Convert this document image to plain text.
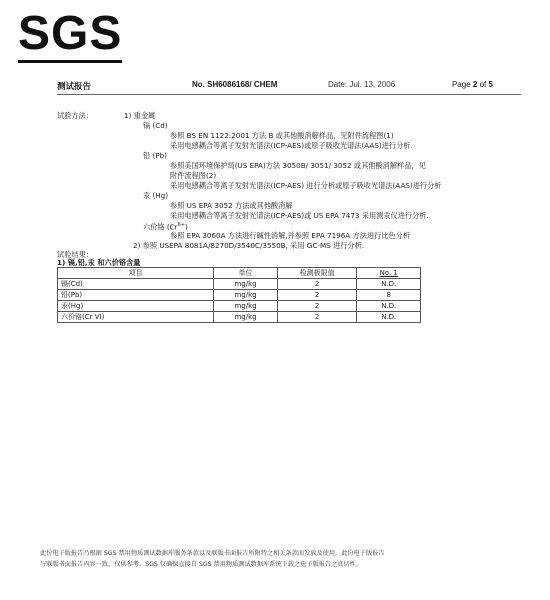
SGS
测试报告	No. SH6086168/ CHEM	Date: Jul. 13, 2006	Page 2 of 5
试验方法：	1) 重金属
镉 (Cd)
参照 BS EN 1122:2001 方法 B 或其他酸消解样品，见附件流程图(1)
采用电感耦合等离子发射光谱法(ICP-AES)或原子吸收光谱法(AAS)进行分析.
铅 (Pb)
参照美国环境保护局(US EPA)方法 3050B/ 3051/ 3052 或其他酸消解样品，见
附件流程图(2)
采用电感耦合等离子发射光谱法(ICP-AES) 进行分析或原子吸收光谱法(AAS)进行分析
汞 (Hg)
参照 US EPA 3052 方法或其他酸消解
采用电感耦合等离子发射光谱法(ICP-AES)或 US EPA 7473 采用测汞仪进行分析.
六价铬 $(Cr^{6+})$
参照 EPA 3060A 方法进行碱性消解,并参照 EPA 7196A 方法进行比色分析
2) 参照 USEPA 8081A/8270D/3540C/3550B, 采用 GC-MS 进行分析.
试验结果：
1) 镉,铅,汞 和六价铬含量
项目	单位	检测极限值	No. 1
镉(Cd)	mg/kg	2	N.D.
铅(Pb)	mg/kg	2	8
汞(Hg)	mg/kg	2	N.D.
六价铬(Cr VI)	mg/kg	2	N.D.
此份电子版报告乃根据 SGS 禁用物质测试数据库服务条款以及联版书面报告所附特之相关条款而发放及使用。此份电子版报告
与联版书面报告内容一致，仅供参考。SGS 仅确保直接自 SGS 禁用物质测试数据库系统下载之电子版报告之真切性。
